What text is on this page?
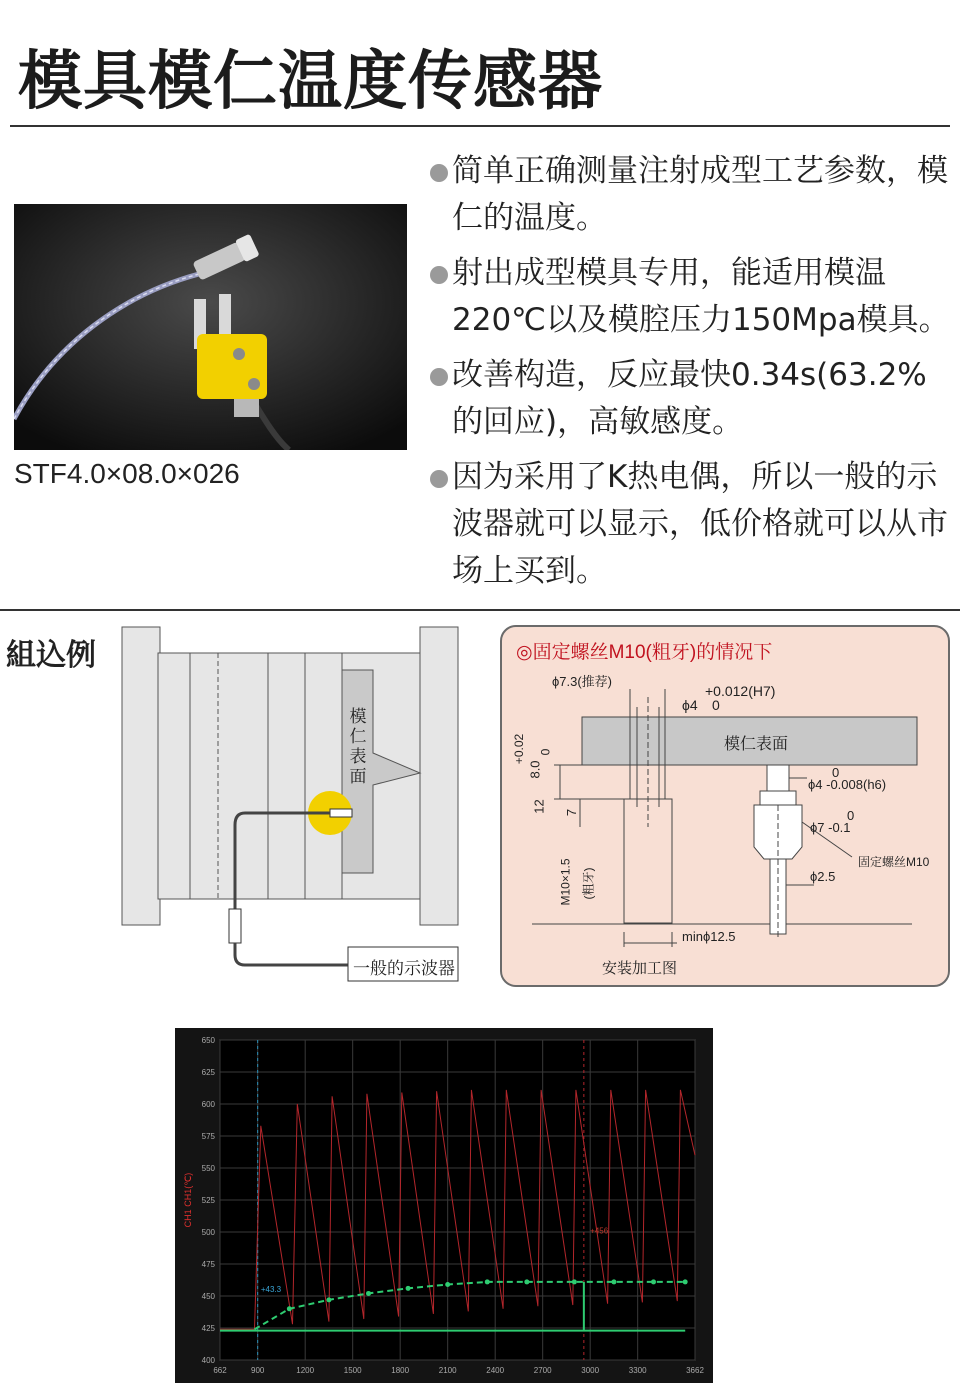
模具模仁温度传感器
STF4.0×08.0×026
简单正确测量注射成型工艺参数，模仁的温度。
射出成型模具专用，能适用模温220℃以及模腔压力150Mpa模具。
改善构造，反应最快0.34s(63.2%的回应)，高敏感度。
因为采用了K热电偶，所以一般的示波器就可以显示，低价格就可以从市场上买到。
組込例
模仁表面
一般的示波器
◎固定螺丝M10(粗牙)的情况下
ϕ7.3(推荐)
+0.012(H7)
ϕ4 0
模仁表面
8.0
+0.02 0
12 7
M10×1.5 (粗牙)
ϕ4 -0.008(h6)
0
ϕ7 -0.1
0
固定螺丝M10
ϕ2.5
minϕ12.5
安装加工图
400
425
450
475
500
525
550
575
600
625
650
662	900	1200	1500	1800	2100	2400	2700	3000	3300	3662
CH1 CH1(℃)
+43.3
+456
